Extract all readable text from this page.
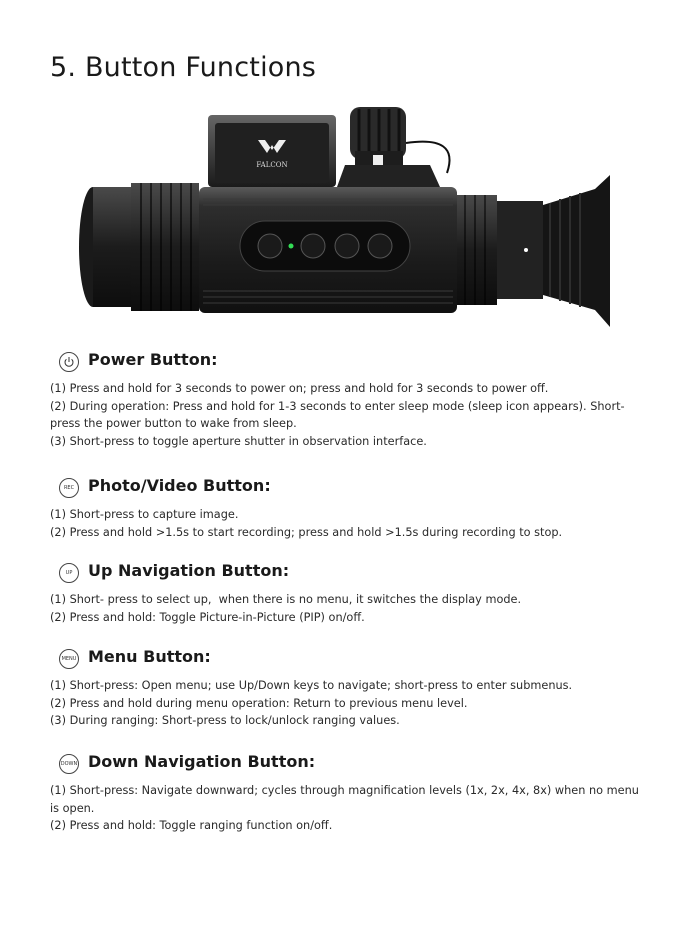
5. Button Functions
FALCON
Power Button:
(1) Press and hold for 3 seconds to power on; press and hold for 3 seconds to power off.
(2) During operation: Press and hold for 1-3 seconds to enter sleep mode (sleep icon appears). Short-press the power button to wake from sleep.
(3) Short-press to toggle aperture shutter in observation interface.
REC Photo/Video Button:
(1) Short-press to capture image.
(2) Press and hold >1.5s to start recording; press and hold >1.5s during recording to stop.
UP Up Navigation Button:
(1) Short- press to select up,  when there is no menu, it switches the display mode.
(2) Press and hold: Toggle Picture-in-Picture (PIP) on/off.
MENU Menu Button:
(1) Short-press: Open menu; use Up/Down keys to navigate; short-press to enter submenus.
(2) Press and hold during menu operation: Return to previous menu level.
(3) During ranging: Short-press to lock/unlock ranging values.
DOWN Down Navigation Button:
(1) Short-press: Navigate downward; cycles through magnification levels (1x, 2x, 4x, 8x) when no menu is open.
(2) Press and hold: Toggle ranging function on/off.
